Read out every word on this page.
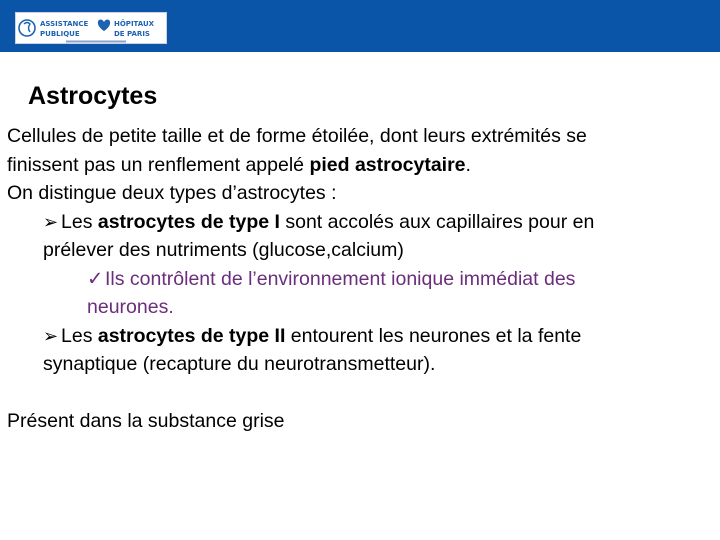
ASSISTANCE
PUBLIQUE
HÔPITAUX
DE PARIS
Astrocytes
Cellules de petite taille et de forme étoilée, dont leurs extrémités se
finissent pas un renflement appelé pied astrocytaire.
On distingue deux types d’astrocytes :
➢ Les astrocytes de type I sont accolés aux capillaires pour en
prélever des nutriments (glucose,calcium)
✓Ils contrôlent de l’environnement ionique immédiat des
neurones.
➢ Les astrocytes de type II entourent les neurones et la fente
synaptique (recapture du neurotransmetteur).
Présent dans la substance grise
